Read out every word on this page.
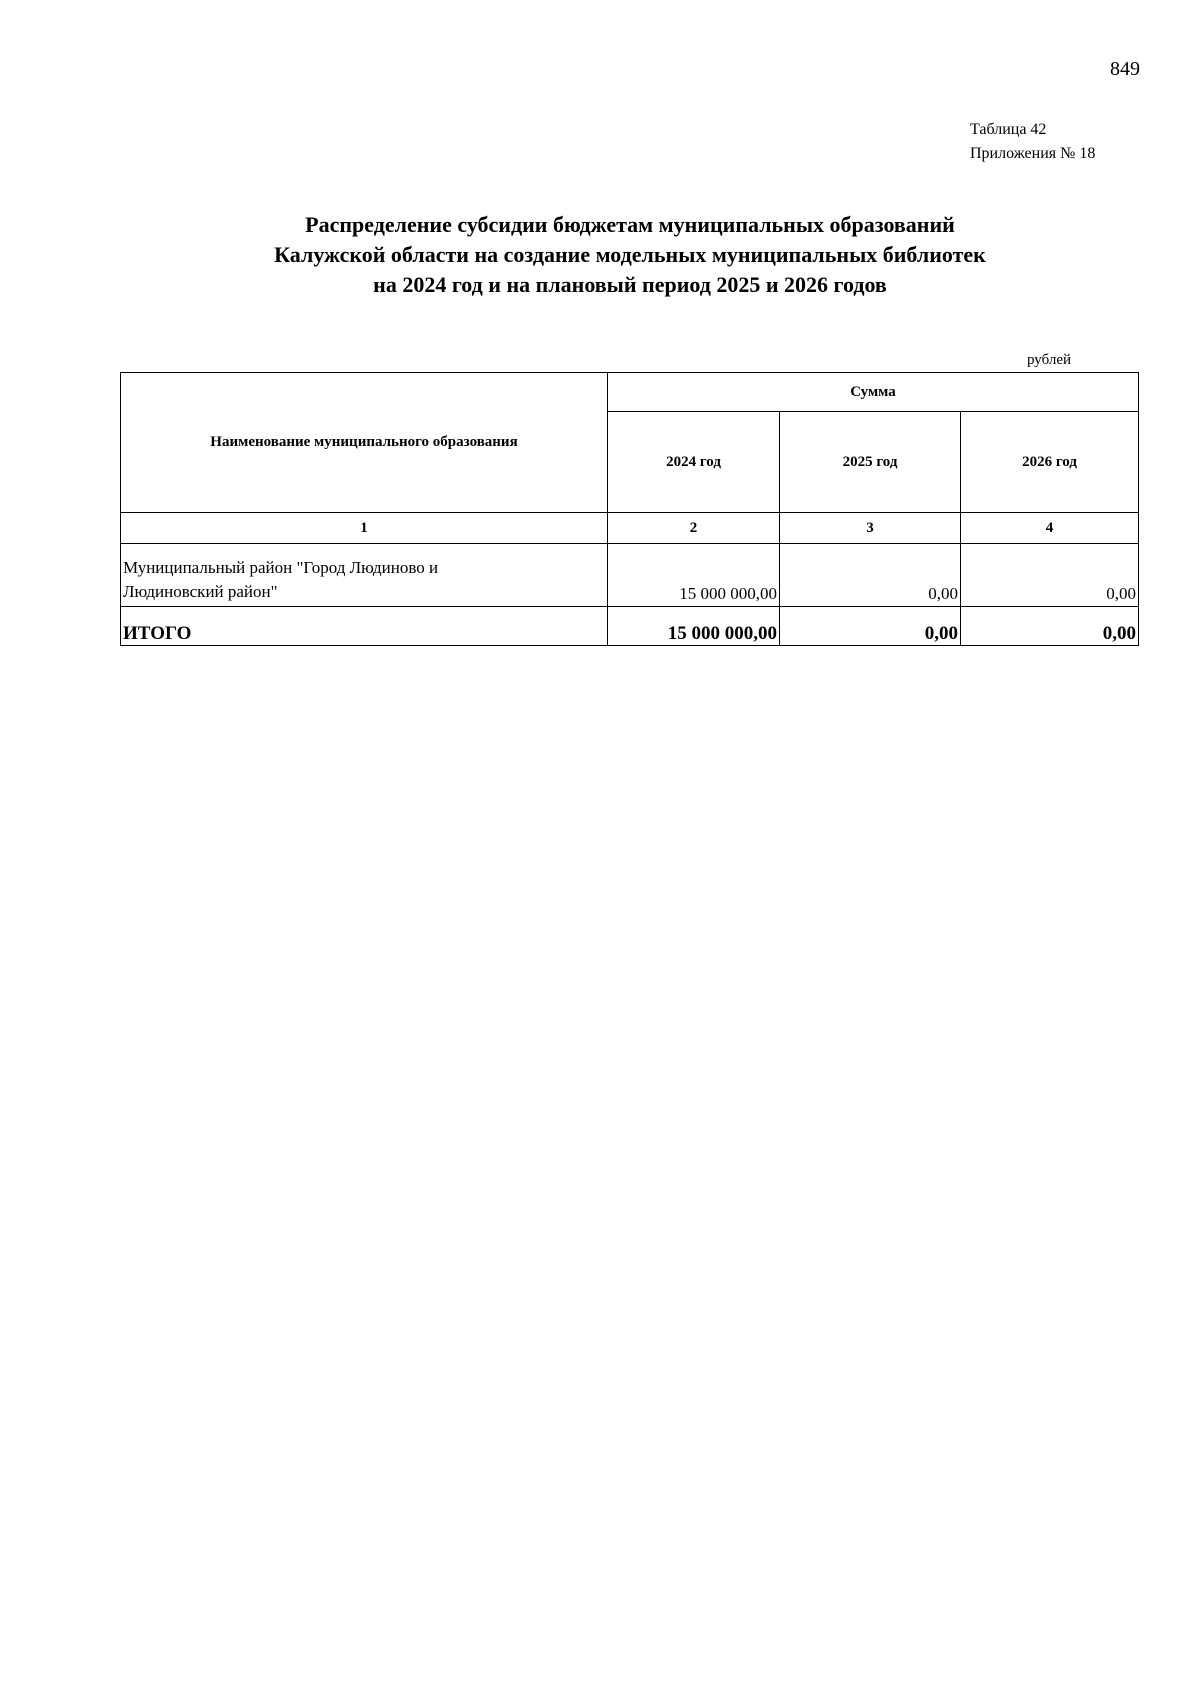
849
Таблица 42
Приложения № 18
Распределение субсидии бюджетам муниципальных образований
Калужской области на создание модельных муниципальных библиотек
на 2024 год и на плановый период 2025 и 2026 годов
рублей
Наименование муниципального образования	Сумма		
	2024 год	2025 год	2026 год
1	2	3	4

Муниципальный район "Город Людиново и
Людиновский район"	15 000 000,00	0,00	0,00
ИТОГО	15 000 000,00	0,00	0,00
